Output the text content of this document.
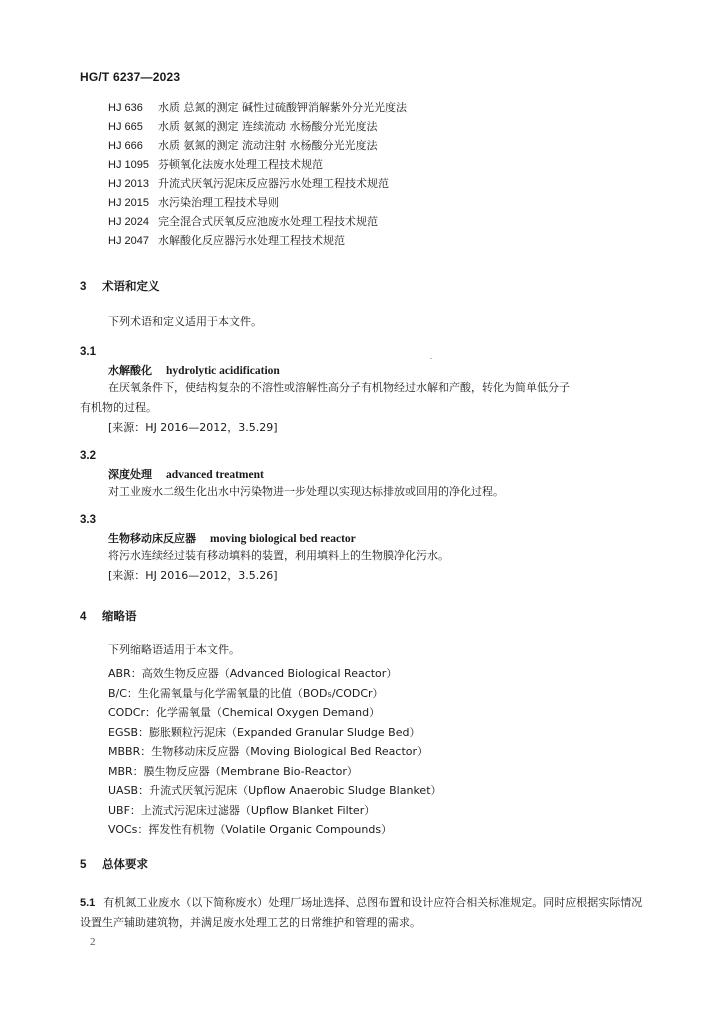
HG/T 6237—2023
HJ 636 水质 总氮的测定 碱性过硫酸钾消解紫外分光光度法
HJ 665 水质 氨氮的测定 连续流动 水杨酸分光光度法
HJ 666 水质 氨氮的测定 流动注射 水杨酸分光光度法
HJ 1095 芬顿氧化法废水处理工程技术规范
HJ 2013 升流式厌氧污泥床反应器污水处理工程技术规范
HJ 2015 水污染治理工程技术导则
HJ 2024 完全混合式厌氧反应池废水处理工程技术规范
HJ 2047 水解酸化反应器污水处理工程技术规范
3 术语和定义
下列术语和定义适用于本文件。
3.1
水解酸化 hydrolytic acidification
在厌氧条件下，使结构复杂的不溶性或溶解性高分子有机物经过水解和产酸，转化为简单低分子
有机物的过程。
[来源：HJ 2016—2012，3.5.29]
3.2
深度处理 advanced treatment
对工业废水二级生化出水中污染物进一步处理以实现达标排放或回用的净化过程。
3.3
生物移动床反应器 moving biological bed reactor
将污水连续经过装有移动填料的装置，利用填料上的生物膜净化污水。
[来源：HJ 2016—2012，3.5.26]
4 缩略语
下列缩略语适用于本文件。
ABR：高效生物反应器（Advanced Biological Reactor）
B/C：生化需氧量与化学需氧量的比值（BOD₅/CODCr）
CODCr：化学需氧量（Chemical Oxygen Demand）
EGSB：膨胀颗粒污泥床（Expanded Granular Sludge Bed）
MBBR：生物移动床反应器（Moving Biological Bed Reactor）
MBR：膜生物反应器（Membrane Bio-Reactor）
UASB：升流式厌氧污泥床（Upflow Anaerobic Sludge Blanket）
UBF：上流式污泥床过滤器（Upflow Blanket Filter）
VOCs：挥发性有机物（Volatile Organic Compounds）
5 总体要求
5.1 有机氮工业废水（以下简称废水）处理厂场址选择、总图布置和设计应符合相关标准规定。同时应根据实际情况设置生产辅助建筑物，并满足废水处理工艺的日常维护和管理的需求。
2
